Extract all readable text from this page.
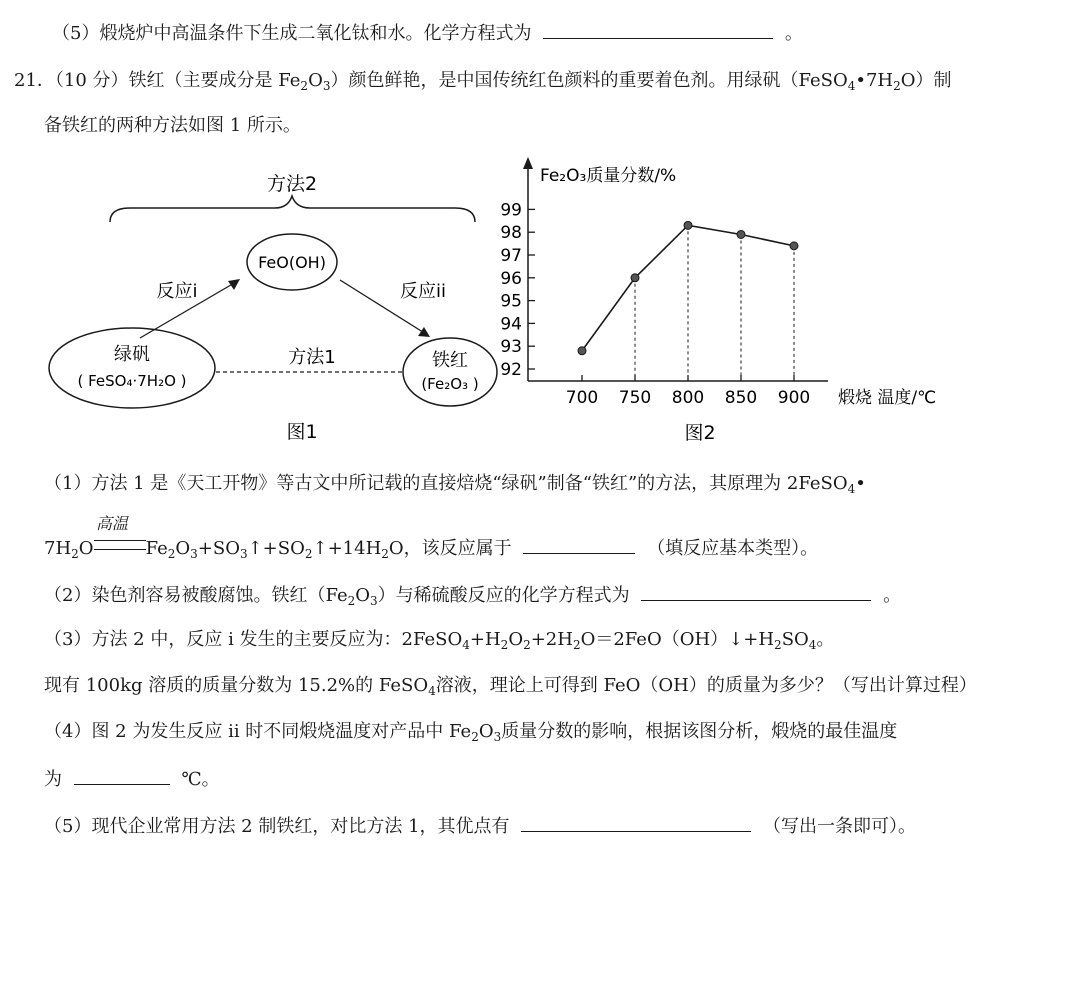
（5）煅烧炉中高温条件下生成二氧化钛和水。化学方程式为	。
21．（10 分）铁红（主要成分是 $Fe_2O_3$）颜色鲜艳，是中国传统红色颜料的重要着色剂。用绿矾$(FeSO_4•7H_2O)$制
备铁红的两种方法如图 1 所示。
方法2
FeO(OH)
反应i	反应ii
绿矾
( FeSO₄·7H₂O )
方法1	铁红
(Fe₂O₃ )
图1
Fe₂O₃质量分数/%
煅烧 温度/℃
92
93
94
95
96
97
98
99
700 750 800 850 900
图2
（1）方法 1 是《天工开物》等古文中所记载的直接焙烧“绿矾”制备“铁红”的方法，其原理为 2FeSO$_4$•
高温
$7H_2O$	$Fe_2O_3+SO_3↑+SO_2↑+14H_2O$，该反应属于	（填反应基本类型）。
（2）染色剂容易被酸腐蚀。铁红$(Fe_2O_3)$与稀硫酸反应的化学方程式为	。
（3）方法 2 中，反应 i 发生的主要反应为：$2FeSO_4+H_2O_2+2H_2O=2FeO(OH)↓+H_2SO_4$。
现有 100kg 溶质的质量分数为 15.2%的 FeSO$_4$溶液，理论上可得到 FeO（OH）的质量为多少？（写出计算过程）
（4）图 2 为发生反应 ii 时不同煅烧温度对产品中 $Fe_2O_3$质量分数的影响，根据该图分析，煅烧的最佳温度
为	℃。
（5）现代企业常用方法 2 制铁红，对比方法 1，其优点有	（写出一条即可）。
